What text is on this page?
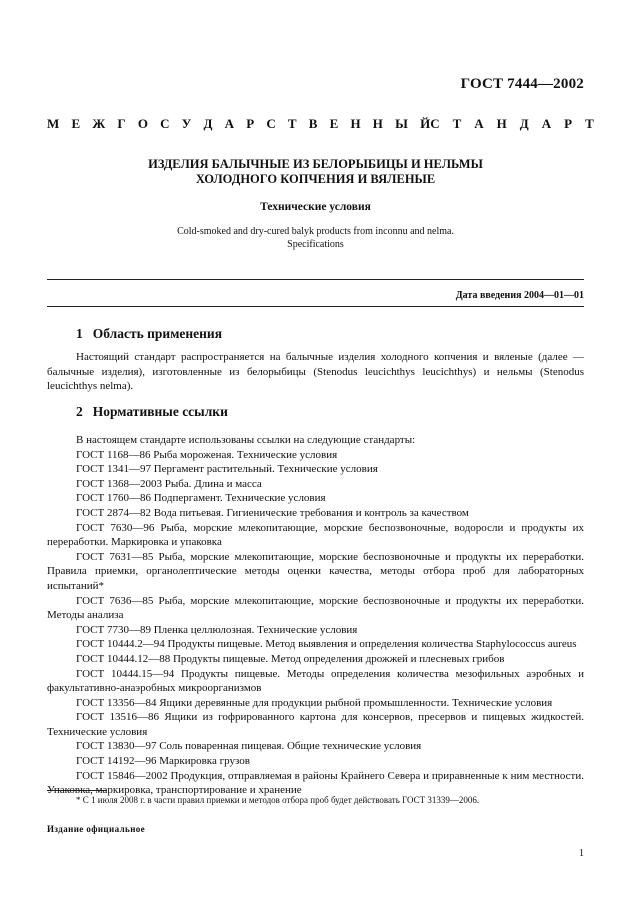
ГОСТ 7444—2002
М Е Ж Г О С У Д А Р С Т В Е Н Н Ы Й С Т А Н Д А Р Т
ИЗДЕЛИЯ БАЛЫЧНЫЕ ИЗ БЕЛОРЫБИЦЫ И НЕЛЬМЫ
ХОЛОДНОГО КОПЧЕНИЯ И ВЯЛЕНЫЕ
Технические условия
Cold-smoked and dry-cured balyk products from inconnu and nelma.
Specifications
Дата введения 2004—01—01
1 Область применения

Настоящий стандарт распространяется на балычные изделия холодного копчения и вяленые (далее — балычные изделия), изготовленные из белорыбицы (Stenodus leucichthys leucichthys) и нельмы (Stenodus leucichthys nelma).

2 Нормативные ссылки
В настоящем стандарте использованы ссылки на следующие стандарты:
ГОСТ 1168—86 Рыба мороженая. Технические условия
ГОСТ 1341—97 Пергамент растительный. Технические условия
ГОСТ 1368—2003 Рыба. Длина и масса
ГОСТ 1760—86 Подпергамент. Технические условия
ГОСТ 2874—82 Вода питьевая. Гигиенические требования и контроль за качеством
ГОСТ 7630—96 Рыба, морские млекопитающие, морские беспозвоночные, водоросли и продукты их переработки. Маркировка и упаковка
ГОСТ 7631—85 Рыба, морские млекопитающие, морские беспозвоночные и продукты их переработки. Правила приемки, органолептические методы оценки качества, методы отбора проб для лабораторных испытаний*
ГОСТ 7636—85 Рыба, морские млекопитающие, морские беспозвоночные и продукты их переработки. Методы анализа
ГОСТ 7730—89 Пленка целлюлозная. Технические условия
ГОСТ 10444.2—94 Продукты пищевые. Метод выявления и определения количества Staphylococcus aureus
ГОСТ 10444.12—88 Продукты пищевые. Метод определения дрожжей и плесневых грибов
ГОСТ 10444.15—94 Продукты пищевые. Методы определения количества мезофильных аэробных и факультативно-анаэробных микроорганизмов
ГОСТ 13356—84 Ящики деревянные для продукции рыбной промышленности. Технические условия
ГОСТ 13516—86 Ящики из гофрированного картона для консервов, пресервов и пищевых жидкостей. Технические условия
ГОСТ 13830—97 Соль поваренная пищевая. Общие технические условия
ГОСТ 14192—96 Маркировка грузов
ГОСТ 15846—2002 Продукция, отправляемая в районы Крайнего Севера и приравненные к ним местности. Упаковка, маркировка, транспортирование и хранение
* С 1 июля 2008 г. в части правил приемки и методов отбора проб будет действовать ГОСТ 31339—2006.
Издание официальное
1
